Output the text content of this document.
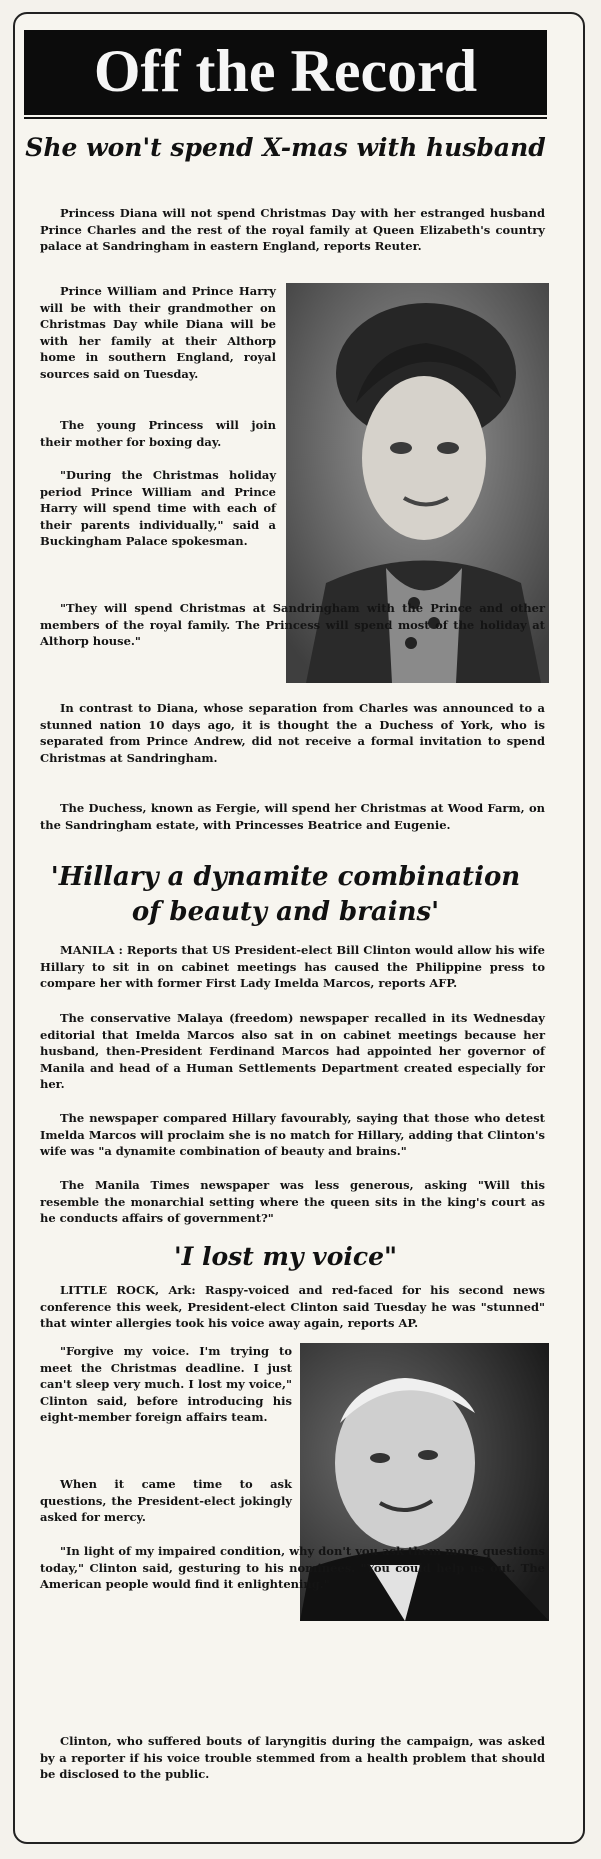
Off the Record
She won't spend X-mas with husband

Princess Diana will not spend Christmas Day with her estranged husband Prince Charles and the rest of the royal family at Queen Elizabeth's country palace at Sandringham in eastern England, reports Reuter.

Prince William and Prince Harry will be with their grandmother on Christmas Day while Diana will be with her family at their Althorp home in southern England, royal sources said on Tuesday.

The young Princess will join their mother for boxing day.

"During the Christmas holiday period Prince William and Prince Harry will spend time with each of their parents individually," said a Buckingham Palace spokesman.

"They will spend Christmas at Sandringham with the Prince and other members of the royal family. The Princess will spend most of the holiday at Althorp house."

In contrast to Diana, whose separation from Charles was announced to a stunned nation 10 days ago, it is thought the a Duchess of York, who is separated from Prince Andrew, did not receive a formal invitation to spend Christmas at Sandringham.

The Duchess, known as Fergie, will spend her Christmas at Wood Farm, on the Sandringham estate, with Princesses Beatrice and Eugenie.

'Hillary a dynamite combination
of beauty and brains'

MANILA : Reports that US President-elect Bill Clinton would allow his wife Hillary to sit in on cabinet meetings has caused the Philippine press to compare her with former First Lady Imelda Marcos, reports AFP.

The conservative Malaya (freedom) newspaper recalled in its Wednesday editorial that Imelda Marcos also sat in on cabinet meetings because her husband, then-President Ferdinand Marcos had appointed her governor of Manila and head of a Human Settlements Department created especially for her.

The newspaper compared Hillary favourably, saying that those who detest Imelda Marcos will proclaim she is no match for Hillary, adding that Clinton's wife was "a dynamite combination of beauty and brains."

The Manila Times newspaper was less generous, asking "Will this resemble the monarchial setting where the queen sits in the king's court as he conducts affairs of government?"

'I lost my voice"

LITTLE ROCK, Ark: Raspy-voiced and red-faced for his second news conference this week, President-elect Clinton said Tuesday he was "stunned" that winter allergies took his voice away again, reports AP.

"Forgive my voice. I'm trying to meet the Christmas deadline. I just can't sleep very much. I lost my voice," Clinton said, before introducing his eight-member foreign affairs team.

When it came time to ask questions, the President-elect jokingly asked for mercy.

"In light of my impaired condition, why don't you ask them more questions today," Clinton said, gesturing to his nominees. "You could help us out. The American people would find it enlightening."

Clinton, who suffered bouts of laryngitis during the campaign, was asked by a reporter if his voice trouble stemmed from a health problem that should be disclosed to the public.
